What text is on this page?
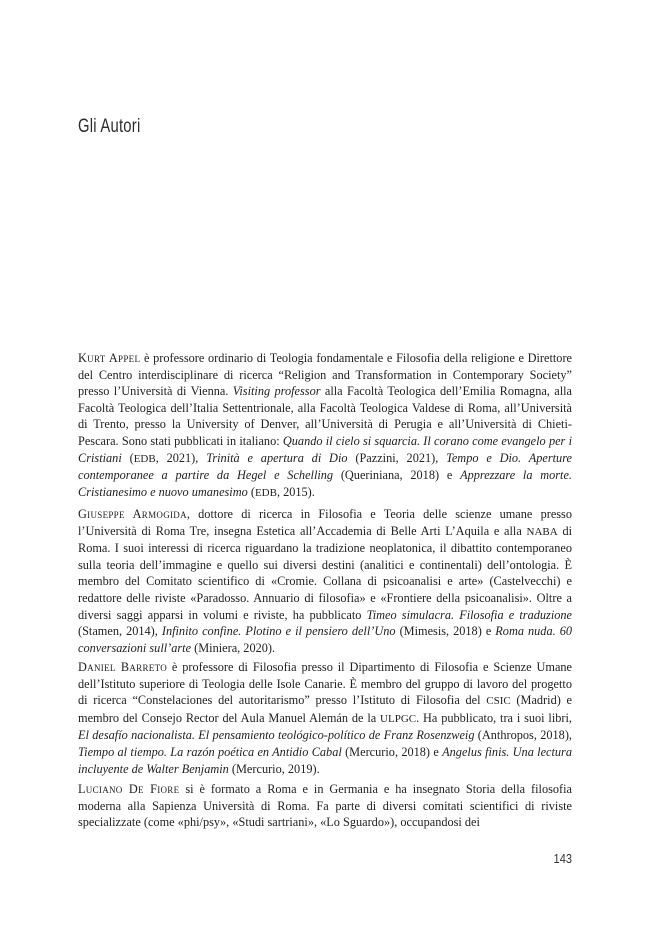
Gli Autori

Kurt Appel è professore ordinario di Teologia fondamentale e Filosofia della religione e Direttore del Centro interdisciplinare di ricerca “Religion and Transformation in Contemporary Society” presso l’Università di Vienna. Visiting professor alla Facoltà Teologica dell’Emilia Romagna, alla Facoltà Teologica dell’Italia Settentrionale, alla Facoltà Teologica Valdese di Roma, all’Università di Trento, presso la University of Denver, all’Università di Perugia e all’Università di Chieti-Pescara. Sono stati pubblicati in italiano: Quando il cielo si squarcia. Il corano come evangelo per i Cristiani (EDB, 2021), Trinità e apertura di Dio (Pazzini, 2021), Tempo e Dio. Aperture contemporanee a partire da Hegel e Schelling (Queriniana, 2018) e Apprezzare la morte. Cristianesimo e nuovo umanesimo (EDB, 2015).

Giuseppe Armogida, dottore di ricerca in Filosofia e Teoria delle scienze umane presso l’Università di Roma Tre, insegna Estetica all’Accademia di Belle Arti L’Aquila e alla NABA di Roma. I suoi interessi di ricerca riguardano la tradizione neoplatonica, il dibattito contemporaneo sulla teoria dell’immagine e quello sui diversi destini (analitici e continentali) dell’ontologia. È membro del Comitato scientifico di «Cromie. Collana di psicoanalisi e arte» (Castelvecchi) e redattore delle riviste «Paradosso. Annuario di filosofia» e «Frontiere della psicoanalisi». Oltre a diversi saggi apparsi in volumi e riviste, ha pubblicato Timeo simulacra. Filosofia e traduzione (Stamen, 2014), Infinito confine. Plotino e il pensiero dell’Uno (Mimesis, 2018) e Roma nuda. 60 conversazioni sull’arte (Miniera, 2020).

Daniel Barreto è professore di Filosofia presso il Dipartimento di Filosofia e Scienze Umane dell’Istituto superiore di Teologia delle Isole Canarie. È membro del gruppo di lavoro del progetto di ricerca “Constelaciones del autoritarismo” presso l’Istituto di Filosofia del CSIC (Madrid) e membro del Consejo Rector del Aula Manuel Alemán de la ULPGC. Ha pubblicato, tra i suoi libri, El desafío nacionalista. El pensamiento teológico-político de Franz Rosenzweig (Anthropos, 2018), Tiempo al tiempo. La razón poética en Antidio Cabal (Mercurio, 2018) e Angelus finis. Una lectura incluyente de Walter Benjamin (Mercurio, 2019).

Luciano De Fiore si è formato a Roma e in Germania e ha insegnato Storia della filosofia moderna alla Sapienza Università di Roma. Fa parte di diversi comitati scientifici di riviste specializzate (come «phi/psy», «Studi sartriani», «Lo Sguardo»), occupandosi dei

143
